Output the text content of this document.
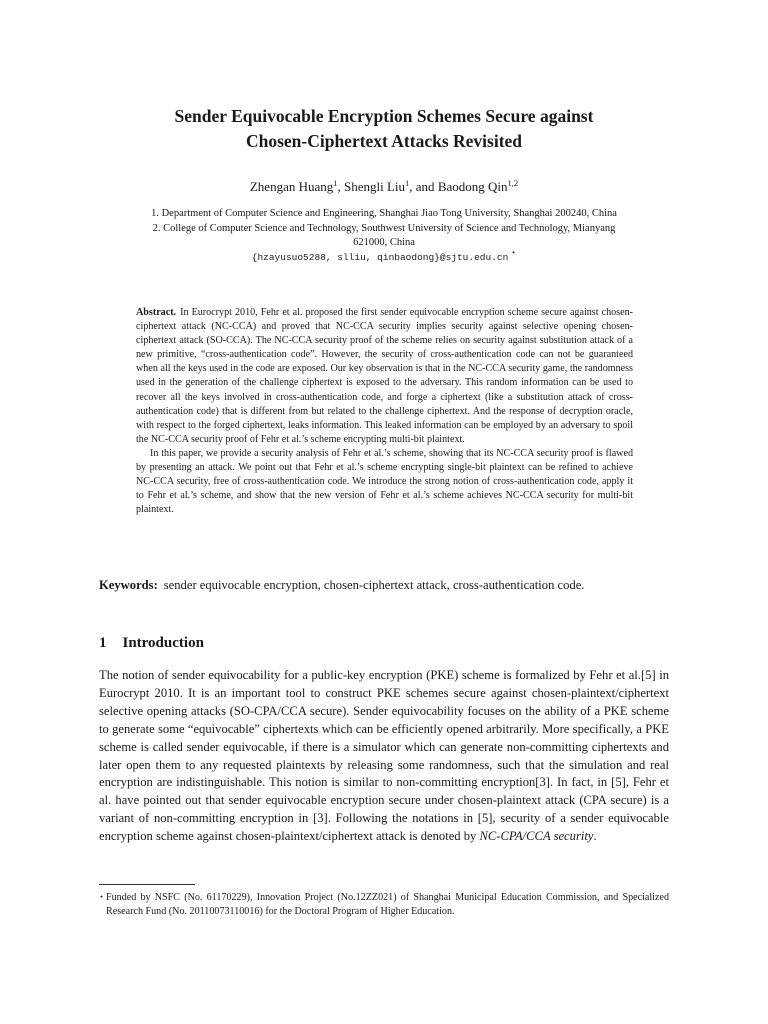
Sender Equivocable Encryption Schemes Secure against
Chosen-Ciphertext Attacks Revisited
Zhengan Huang$^1$, Shengli Liu$^1$, and Baodong Qin$^{1,2}$
1. Department of Computer Science and Engineering, Shanghai Jiao Tong University, Shanghai 200240, China
2. College of Computer Science and Technology, Southwest University of Science and Technology, Mianyang
621000, China
{hzayusuo5288, slliu, qinbaodong}@sjtu.edu.cn ⋆

Abstract. In Eurocrypt 2010, Fehr et al. proposed the first sender equivocable encryption scheme secure against chosen-ciphertext attack (NC-CCA) and proved that NC-CCA security implies security against selective opening chosen-ciphertext attack (SO-CCA). The NC-CCA security proof of the scheme relies on security against substitution attack of a new primitive, “cross-authentication code”. However, the security of cross-authentication code can not be guaranteed when all the keys used in the code are exposed. Our key observation is that in the NC-CCA security game, the randomness used in the generation of the challenge ciphertext is exposed to the adversary. This random information can be used to recover all the keys involved in cross-authentication code, and forge a ciphertext (like a substitution attack of cross-authentication code) that is different from but related to the challenge ciphertext. And the response of decryption oracle, with respect to the forged ciphertext, leaks information. This leaked information can be employed by an adversary to spoil the NC-CCA security proof of Fehr et al.’s scheme encrypting multi-bit plaintext.

In this paper, we provide a security analysis of Fehr et al.’s scheme, showing that its NC-CCA security proof is flawed by presenting an attack. We point out that Fehr et al.’s scheme encrypting single-bit plaintext can be refined to achieve NC-CCA security, free of cross-authentication code. We introduce the strong notion of cross-authentication code, apply it to Fehr et al.’s scheme, and show that the new version of Fehr et al.’s scheme achieves NC-CCA security for multi-bit plaintext.

Keywords: sender equivocable encryption, chosen-ciphertext attack, cross-authentication code.
1 Introduction

The notion of sender equivocability for a public-key encryption (PKE) scheme is formalized by Fehr et al.[5] in Eurocrypt 2010. It is an important tool to construct PKE schemes secure against chosen-plaintext/ciphertext selective opening attacks (SO-CPA/CCA secure). Sender equivocability focuses on the ability of a PKE scheme to generate some “equivocable” ciphertexts which can be efficiently opened arbitrarily. More specifically, a PKE scheme is called sender equivocable, if there is a simulator which can generate non-committing ciphertexts and later open them to any requested plaintexts by releasing some randomness, such that the simulation and real encryption are indistinguishable. This notion is similar to non-committing encryption[3]. In fact, in [5], Fehr et al. have pointed out that sender equivocable encryption secure under chosen-plaintext attack (CPA secure) is a variant of non-committing encryption in [3]. Following the notations in [5], security of a sender equivocable encryption scheme against chosen-plaintext/ciphertext attack is denoted by NC-CPA/CCA security.

⋆ Funded by NSFC (No. 61170229), Innovation Project (No.12ZZ021) of Shanghai Municipal Education Commission, and Specialized Research Fund (No. 20110073110016) for the Doctoral Program of Higher Education.
